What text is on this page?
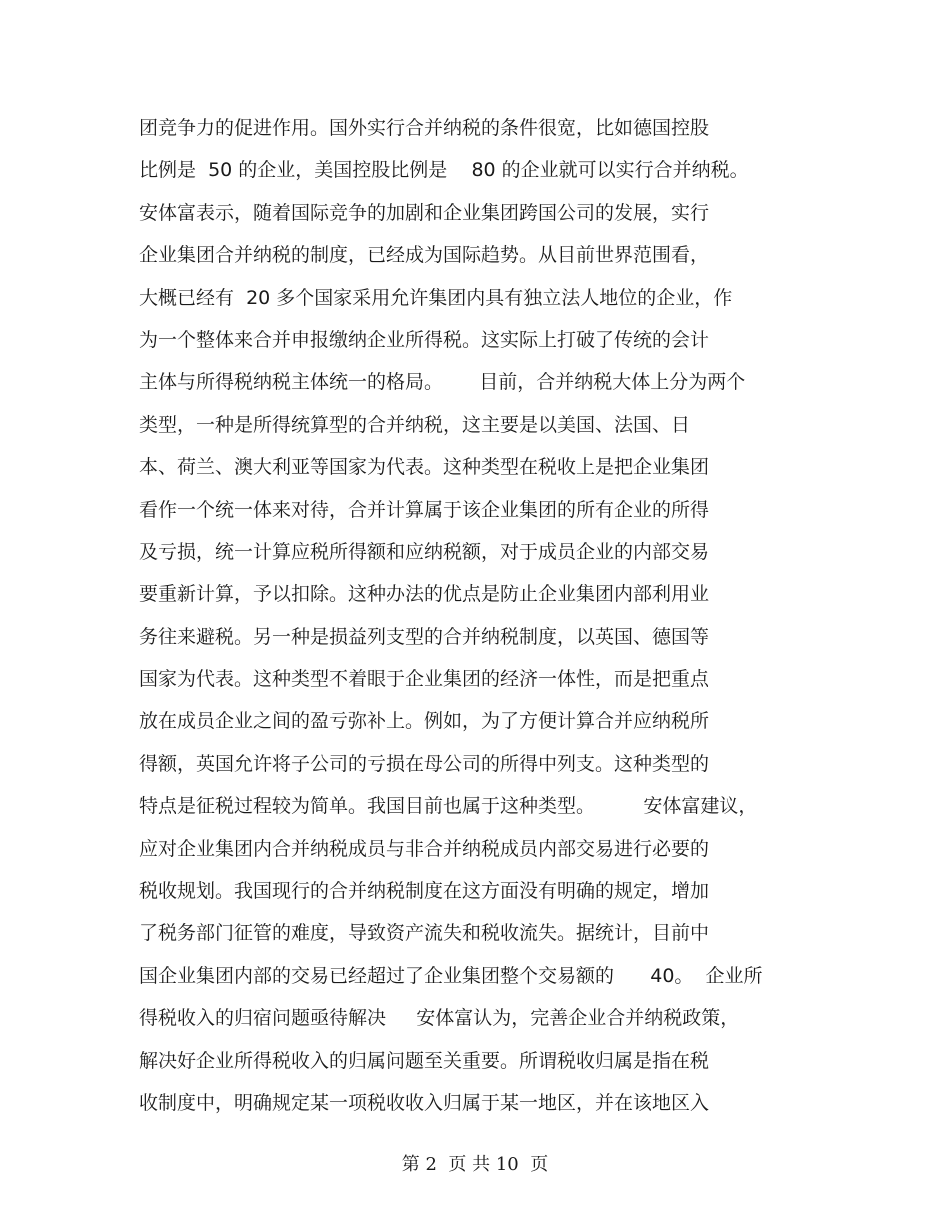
团竞争力的促进作用。国外实行合并纳税的条件很宽，比如德国控股
比例是  50 的企业，美国控股比例是    80 的企业就可以实行合并纳税。
安体富表示，随着国际竞争的加剧和企业集团跨国公司的发展，实行
企业集团合并纳税的制度，已经成为国际趋势。从目前世界范围看，
大概已经有  20 多个国家采用允许集团内具有独立法人地位的企业，作
为一个整体来合并申报缴纳企业所得税。这实际上打破了传统的会计
主体与所得税纳税主体统一的格局。      目前，合并纳税大体上分为两个
类型，一种是所得统算型的合并纳税，这主要是以美国、法国、日
本、荷兰、澳大利亚等国家为代表。这种类型在税收上是把企业集团
看作一个统一体来对待，合并计算属于该企业集团的所有企业的所得
及亏损，统一计算应税所得额和应纳税额，对于成员企业的内部交易
要重新计算，予以扣除。这种办法的优点是防止企业集团内部利用业
务往来避税。另一种是损益列支型的合并纳税制度，以英国、德国等
国家为代表。这种类型不着眼于企业集团的经济一体性，而是把重点
放在成员企业之间的盈亏弥补上。例如，为了方便计算合并应纳税所
得额，英国允许将子公司的亏损在母公司的所得中列支。这种类型的
特点是征税过程较为简单。我国目前也属于这种类型。        安体富建议，
应对企业集团内合并纳税成员与非合并纳税成员内部交易进行必要的
税收规划。我国现行的合并纳税制度在这方面没有明确的规定，增加
了税务部门征管的难度，导致资产流失和税收流失。据统计，目前中
国企业集团内部的交易已经超过了企业集团整个交易额的      40。  企业所
得税收入的归宿问题亟待解决     安体富认为，完善企业合并纳税政策，
解决好企业所得税收入的归属问题至关重要。所谓税收归属是指在税
收制度中，明确规定某一项税收收入归属于某一地区，并在该地区入
第 2  页 共 10  页
